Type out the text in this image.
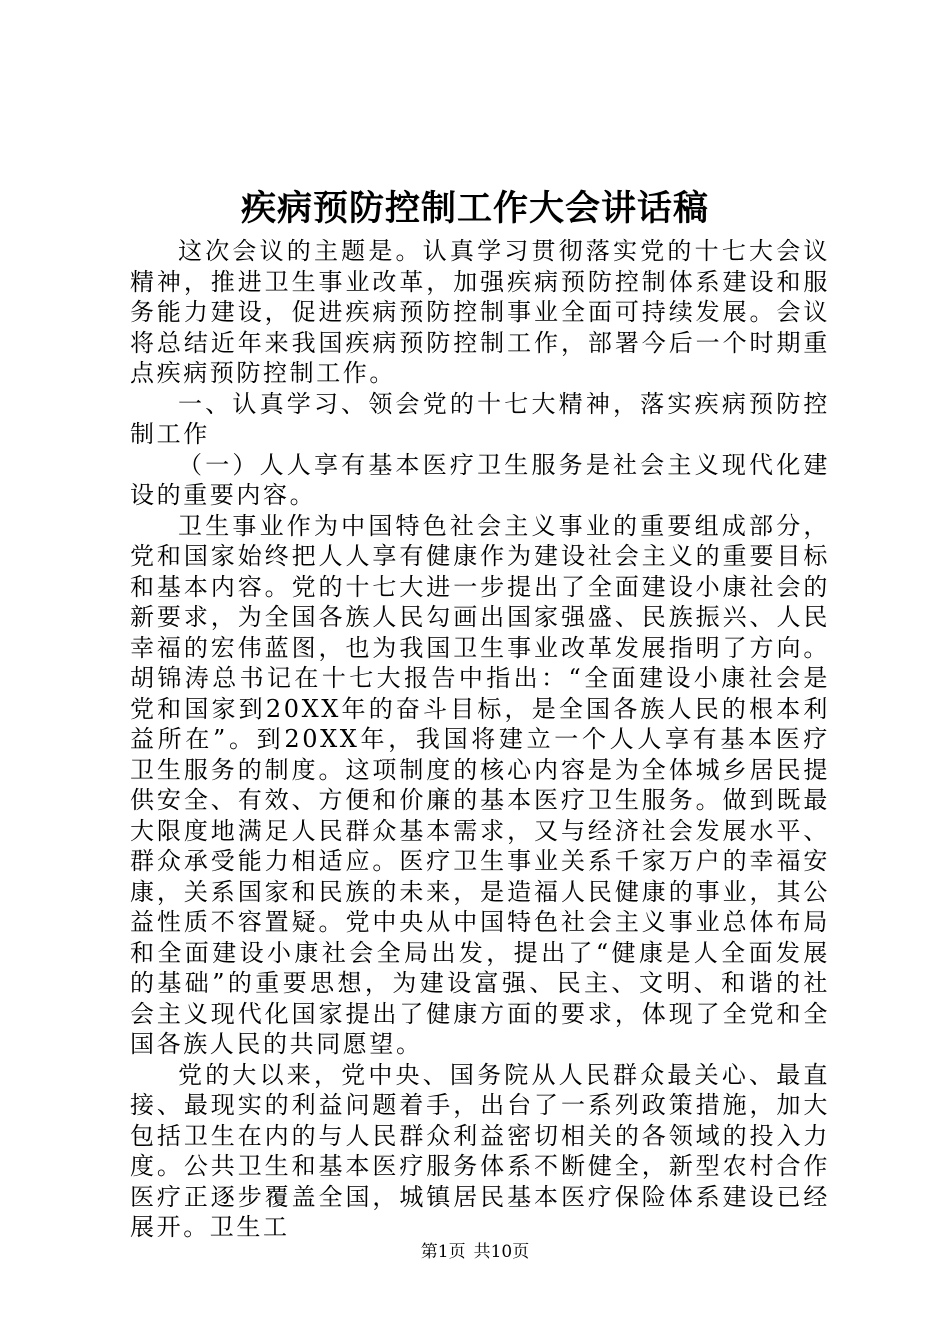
疾病预防控制工作大会讲话稿

这次会议的主题是。认真学习贯彻落实党的十七大会议精神，推进卫生事业改革，加强疾病预防控制体系建设和服务能力建设，促进疾病预防控制事业全面可持续发展。会议将总结近年来我国疾病预防控制工作，部署今后一个时期重点疾病预防控制工作。

一、认真学习、领会党的十七大精神，落实疾病预防控制工作

（一）人人享有基本医疗卫生服务是社会主义现代化建设的重要内容。

卫生事业作为中国特色社会主义事业的重要组成部分，党和国家始终把人人享有健康作为建设社会主义的重要目标和基本内容。党的十七大进一步提出了全面建设小康社会的新要求，为全国各族人民勾画出国家强盛、民族振兴、人民幸福的宏伟蓝图，也为我国卫生事业改革发展指明了方向。胡锦涛总书记在十七大报告中指出：“全面建设小康社会是党和国家到20XX年的奋斗目标，是全国各族人民的根本利益所在”。到20XX年，我国将建立一个人人享有基本医疗卫生服务的制度。这项制度的核心内容是为全体城乡居民提供安全、有效、方便和价廉的基本医疗卫生服务。做到既最大限度地满足人民群众基本需求，又与经济社会发展水平、群众承受能力相适应。医疗卫生事业关系千家万户的幸福安康，关系国家和民族的未来，是造福人民健康的事业，其公益性质不容置疑。党中央从中国特色社会主义事业总体布局和全面建设小康社会全局出发，提出了“健康是人全面发展的基础”的重要思想，为建设富强、民主、文明、和谐的社会主义现代化国家提出了健康方面的要求，体现了全党和全国各族人民的共同愿望。

党的大以来，党中央、国务院从人民群众最关心、最直接、最现实的利益问题着手，出台了一系列政策措施，加大包括卫生在内的与人民群众利益密切相关的各领域的投入力度。公共卫生和基本医疗服务体系不断健全，新型农村合作医疗正逐步覆盖全国，城镇居民基本医疗保险体系建设已经展开。卫生工

第1页 共10页
